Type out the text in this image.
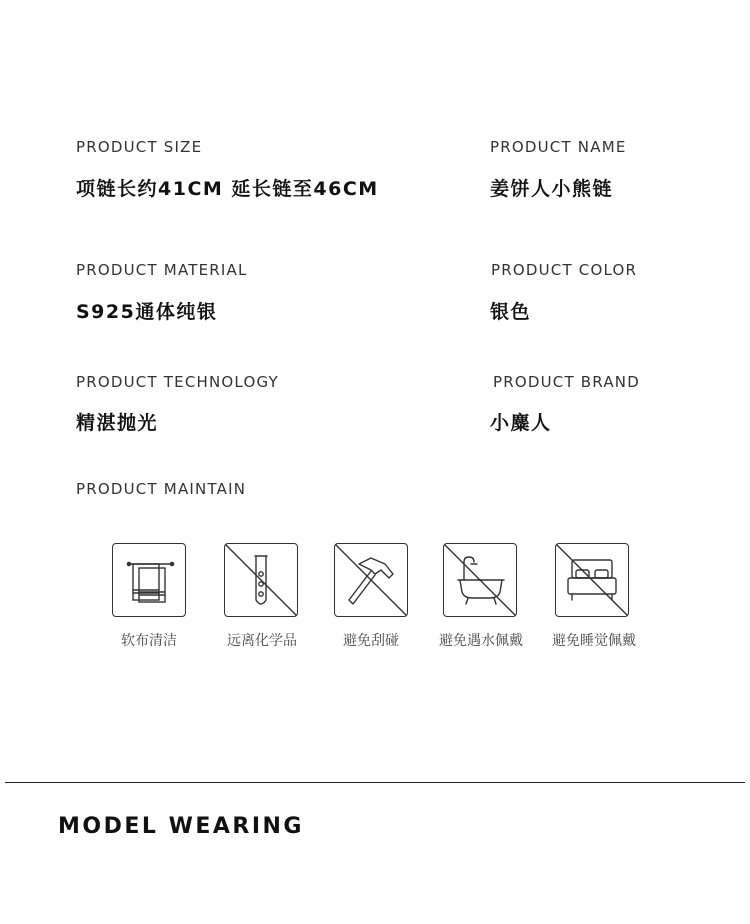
PRODUCT SIZE
项链长约41CM 延长链至46CM
PRODUCT MATERIAL
S925通体纯银
PRODUCT TECHNOLOGY
精湛抛光
PRODUCT NAME
姜饼人小熊链
PRODUCT COLOR
银色
PRODUCT BRAND
小麋人
PRODUCT MAINTAIN
软布清洁	远离化学品	避免刮碰	避免遇水佩戴	避免睡觉佩戴
MODEL WEARING
